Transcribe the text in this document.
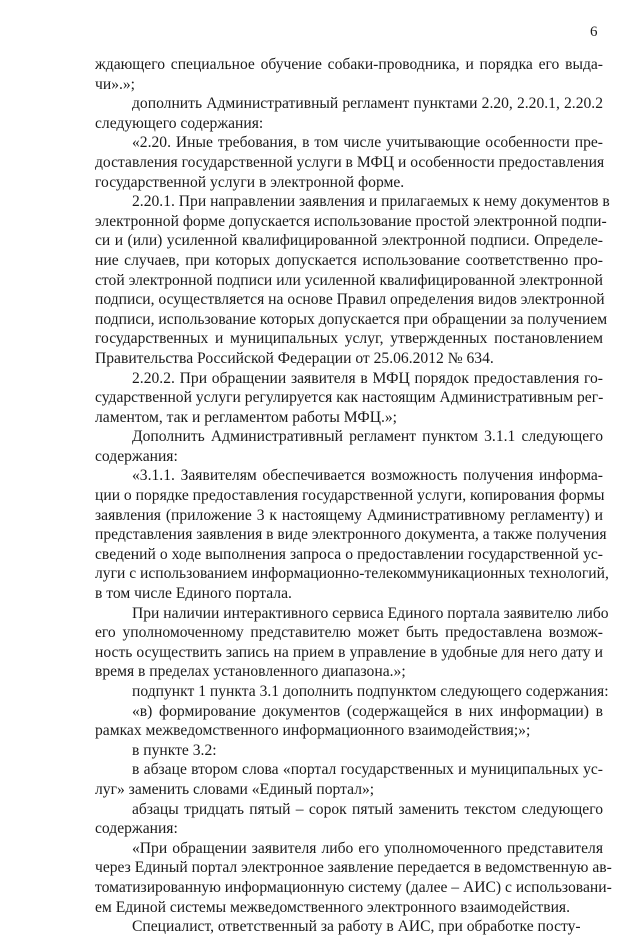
6
ждающего специальное обучение собаки-проводника, и порядка его выда-
чи».»;
дополнить Административный регламент пунктами 2.20, 2.20.1, 2.20.2
следующего содержания:
«2.20. Иные требования, в том числе учитывающие особенности пре-
доставления государственной услуги в МФЦ и особенности предоставления
государственной услуги в электронной форме.
2.20.1. При направлении заявления и прилагаемых к нему документов в
электронной форме допускается использование простой электронной подпи-
си и (или) усиленной квалифицированной электронной подписи. Определе-
ние случаев, при которых допускается использование соответственно про-
стой электронной подписи или усиленной квалифицированной электронной
подписи, осуществляется на основе Правил определения видов электронной
подписи, использование которых допускается при обращении за получением
государственных и муниципальных услуг, утвержденных постановлением
Правительства Российской Федерации от 25.06.2012 № 634.
2.20.2. При обращении заявителя в МФЦ порядок предоставления го-
сударственной услуги регулируется как настоящим Административным рег-
ламентом, так и регламентом работы МФЦ.»;
Дополнить Административный регламент пунктом 3.1.1 следующего
содержания:
«3.1.1. Заявителям обеспечивается возможность получения информа-
ции о порядке предоставления государственной услуги, копирования формы
заявления (приложение 3 к настоящему Административному регламенту) и
представления заявления в виде электронного документа, а также получения
сведений о ходе выполнения запроса о предоставлении государственной ус-
луги с использованием информационно-телекоммуникационных технологий,
в том числе Единого портала.
При наличии интерактивного сервиса Единого портала заявителю либо
его уполномоченному представителю может быть предоставлена возмож-
ность осуществить запись на прием в управление в удобные для него дату и
время в пределах установленного диапазона.»;
подпункт 1 пункта 3.1 дополнить подпунктом следующего содержания:
«в) формирование документов (содержащейся в них информации) в
рамках межведомственного информационного взаимодействия;»;
в пункте 3.2:
в абзаце втором слова «портал государственных и муниципальных ус-
луг» заменить словами «Единый портал»;
абзацы тридцать пятый – сорок пятый заменить текстом следующего
содержания:
«При обращении заявителя либо его уполномоченного представителя
через Единый портал электронное заявление передается в ведомственную ав-
томатизированную информационную систему (далее – АИС) с использовани-
ем Единой системы межведомственного электронного взаимодействия.
Специалист, ответственный за работу в АИС, при обработке посту-
